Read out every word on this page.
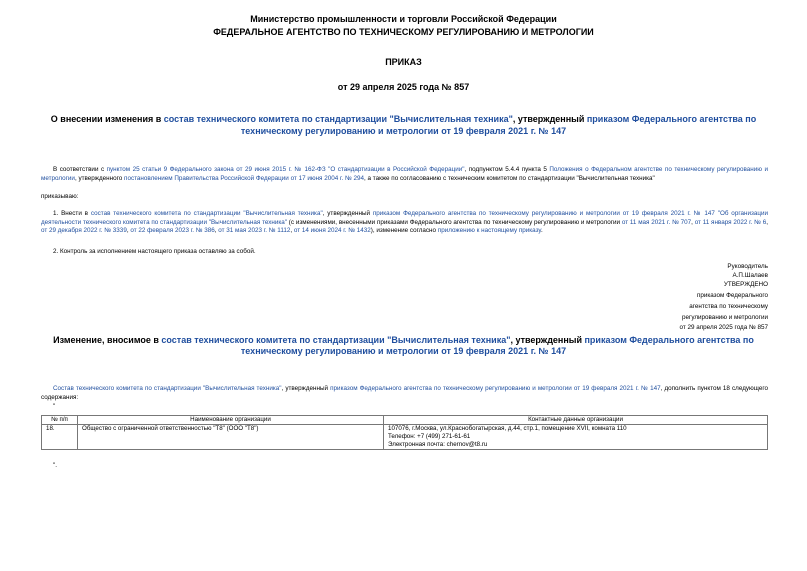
Министерство промышленности и торговли Российской Федерации
ФЕДЕРАЛЬНОЕ АГЕНТСТВО ПО ТЕХНИЧЕСКОМУ РЕГУЛИРОВАНИЮ И МЕТРОЛОГИИ
ПРИКАЗ
от 29 апреля 2025 года № 857
О внесении изменения в состав технического комитета по стандартизации "Вычислительная техника", утвержденный приказом Федерального агентства по
техническому регулированию и метрологии от 19 февраля 2021 г. № 147
В соответствии с пунктом 25 статьи 9 Федерального закона от 29 июня 2015 г. № 162-ФЗ "О стандартизации в Российской Федерации", подпунктом 5.4.4 пункта 5 Положения о Федеральном агентстве по техническому регулированию и метрологии, утвержденного постановлением Правительства Российской Федерации от 17 июня 2004 г. № 294, а также по согласованию с техническим комитетом по стандартизации "Вычислительная техника"
приказываю:
1. Внести в состав технического комитета по стандартизации "Вычислительная техника", утвержденный приказом Федерального агентства по техническому регулированию и метрологии от 19 февраля 2021 г. № 147 "Об организации деятельности технического комитета по стандартизации "Вычислительная техника" (с изменениями, внесенными приказами Федерального агентства по техническому регулированию и метрологии от 11 мая 2021 г. № 707, от 11 января 2022 г. № 6, от 29 декабря 2022 г. № 3339, от 22 февраля 2023 г. № 386, от 31 мая 2023 г. № 1112, от 14 июня 2024 г. № 1432), изменение согласно приложению к настоящему приказу.
2. Контроль за исполнением настоящего приказа оставляю за собой.
Руководитель
А.П.Шалаев
УТВЕРЖДЕНО
приказом Федерального
агентства по техническому
регулированию и метрологии
от 29 апреля 2025 года № 857
Изменение, вносимое в состав технического комитета по стандартизации "Вычислительная техника", утвержденный приказом Федерального агентства по
техническому регулированию и метрологии от 19 февраля 2021 г. № 147
Состав технического комитета по стандартизации "Вычислительная техника", утвержденный приказом Федерального агентства по техническому регулированию и метрологии от 19 февраля 2021 г. № 147, дополнить пунктом 18 следующего содержания:
"
№ п/п	Наименование организации	Контактные данные организации
18.	Общество с ограниченной ответственностью "Т8" (ООО "Т8")	107076, г.Москва, ул.Краснобогатырская, д.44, стр.1, помещение XVII, комната 110
		Телефон: +7 (499) 271-61-61
		Электронная почта: chernov@t8.ru
".
